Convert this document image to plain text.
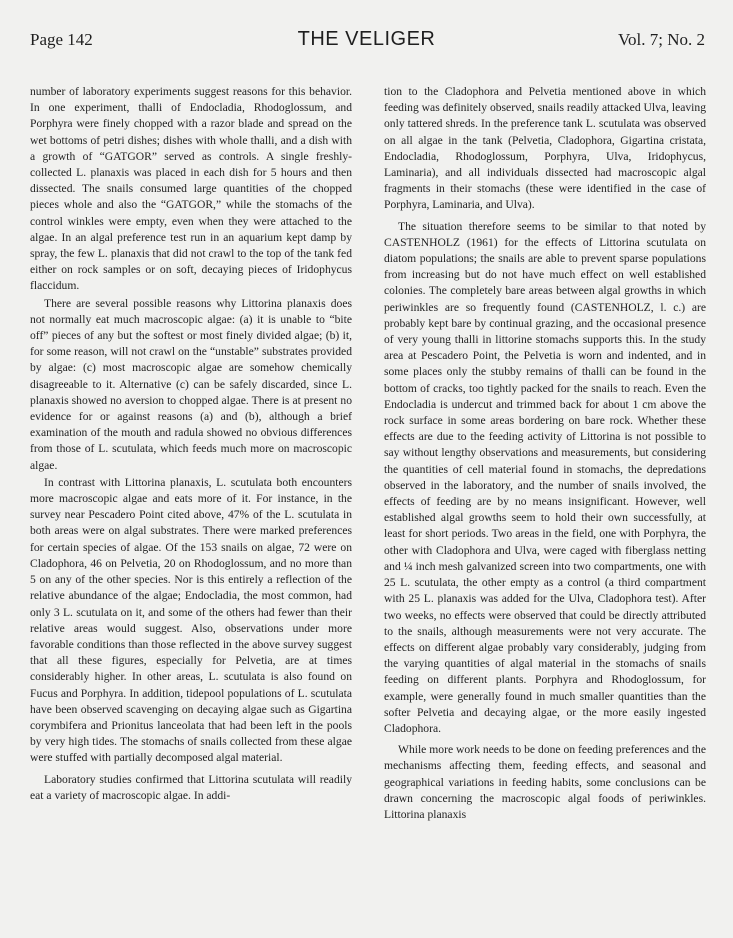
Page 142	THE VELIGER	Vol. 7; No. 2

number of laboratory experiments suggest reasons for this behavior. In one experiment, thalli of Endocladia, Rhodoglossum, and Porphyra were finely chopped with a razor blade and spread on the wet bottoms of petri dishes; dishes with whole thalli, and a dish with a growth of “GATGOR” served as controls. A single freshly-collected L. planaxis was placed in each dish for 5 hours and then dissected. The snails consumed large quantities of the chopped pieces whole and also the “GATGOR,” while the stomachs of the control winkles were empty, even when they were attached to the algae. In an algal preference test run in an aquarium kept damp by spray, the few L. planaxis that did not crawl to the top of the tank fed either on rock samples or on soft, decaying pieces of Iridophycus flaccidum.

There are several possible reasons why Littorina planaxis does not normally eat much macroscopic algae: (a) it is unable to “bite off” pieces of any but the softest or most finely divided algae; (b) it, for some reason, will not crawl on the “unstable” substrates provided by algae: (c) most macroscopic algae are somehow chemically disagreeable to it. Alternative (c) can be safely discarded, since L. planaxis showed no aversion to chopped algae. There is at present no evidence for or against reasons (a) and (b), although a brief examination of the mouth and radula showed no obvious differences from those of L. scutulata, which feeds much more on macroscopic algae.

In contrast with Littorina planaxis, L. scutulata both encounters more macroscopic algae and eats more of it. For instance, in the survey near Pescadero Point cited above, 47% of the L. scutulata in both areas were on algal substrates. There were marked preferences for certain species of algae. Of the 153 snails on algae, 72 were on Cladophora, 46 on Pelvetia, 20 on Rhodoglossum, and no more than 5 on any of the other species. Nor is this entirely a reflection of the relative abundance of the algae; Endocladia, the most common, had only 3 L. scutulata on it, and some of the others had fewer than their relative areas would suggest. Also, observations under more favorable conditions than those reflected in the above survey suggest that all these figures, especially for Pelvetia, are at times considerably higher. In other areas, L. scutulata is also found on Fucus and Porphyra. In addition, tidepool populations of L. scutulata have been observed scavenging on decaying algae such as Gigartina corymbifera and Prionitus lanceolata that had been left in the pools by very high tides. The stomachs of snails collected from these algae were stuffed with partially decomposed algal material.

Laboratory studies confirmed that Littorina scutulata will readily eat a variety of macroscopic algae. In addi-

tion to the Cladophora and Pelvetia mentioned above in which feeding was definitely observed, snails readily attacked Ulva, leaving only tattered shreds. In the preference tank L. scutulata was observed on all algae in the tank (Pelvetia, Cladophora, Gigartina cristata, Endocladia, Rhodoglossum, Porphyra, Ulva, Iridophycus, Laminaria), and all individuals dissected had macroscopic algal fragments in their stomachs (these were identified in the case of Porphyra, Laminaria, and Ulva).

The situation therefore seems to be similar to that noted by CASTENHOLZ (1961) for the effects of Littorina scutulata on diatom populations; the snails are able to prevent sparse populations from increasing but do not have much effect on well established colonies. The completely bare areas between algal growths in which periwinkles are so frequently found (CASTENHOLZ, l. c.) are probably kept bare by continual grazing, and the occasional presence of very young thalli in littorine stomachs supports this. In the study area at Pescadero Point, the Pelvetia is worn and indented, and in some places only the stubby remains of thalli can be found in the bottom of cracks, too tightly packed for the snails to reach. Even the Endocladia is undercut and trimmed back for about 1 cm above the rock surface in some areas bordering on bare rock. Whether these effects are due to the feeding activity of Littorina is not possible to say without lengthy observations and measurements, but considering the quantities of cell material found in stomachs, the depredations observed in the laboratory, and the number of snails involved, the effects of feeding are by no means insignificant. However, well established algal growths seem to hold their own successfully, at least for short periods. Two areas in the field, one with Porphyra, the other with Cladophora and Ulva, were caged with fiberglass netting and ¼ inch mesh galvanized screen into two compartments, one with 25 L. scutulata, the other empty as a control (a third compartment with 25 L. planaxis was added for the Ulva, Cladophora test). After two weeks, no effects were observed that could be directly attributed to the snails, although measurements were not very accurate. The effects on different algae probably vary considerably, judging from the varying quantities of algal material in the stomachs of snails feeding on different plants. Porphyra and Rhodoglossum, for example, were generally found in much smaller quantities than the softer Pelvetia and decaying algae, or the more easily ingested Cladophora.

While more work needs to be done on feeding preferences and the mechanisms affecting them, feeding effects, and seasonal and geographical variations in feeding habits, some conclusions can be drawn concerning the macroscopic algal foods of periwinkles. Littorina planaxis
